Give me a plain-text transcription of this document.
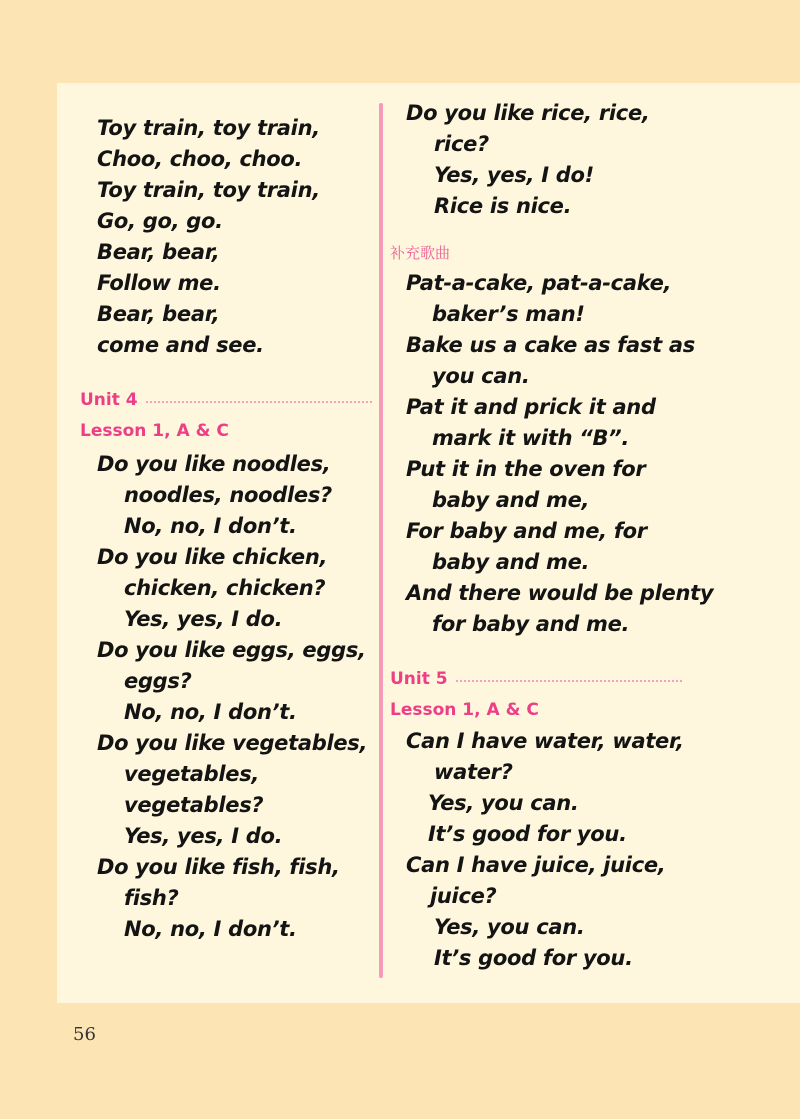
Toy train, toy train,
Choo, choo, choo.
Toy train, toy train,
Go, go, go.
Bear, bear,
Follow me.
Bear, bear,
come and see.
Unit 4
Lesson 1, A & C
Do you like noodles,
noodles, noodles?
No, no, I don’t.
Do you like chicken,
chicken, chicken?
Yes, yes, I do.
Do you like eggs, eggs,
eggs?
No, no, I don’t.
Do you like vegetables,
vegetables,
vegetables?
Yes, yes, I do.
Do you like fish, fish,
fish?
No, no, I don’t.
Do you like rice, rice,
rice?
Yes, yes, I do!
Rice is nice.
补充歌曲
Pat-a-cake, pat-a-cake,
baker’s man!
Bake us a cake as fast as
you can.
Pat it and prick it and
mark it with “B”.
Put it in the oven for
baby and me,
For baby and me, for
baby and me.
And there would be plenty
for baby and me.
Unit 5
Lesson 1, A & C
Can I have water, water,
water?
Yes, you can.
It’s good for you.
Can I have juice, juice,
juice?
Yes, you can.
It’s good for you.
56
